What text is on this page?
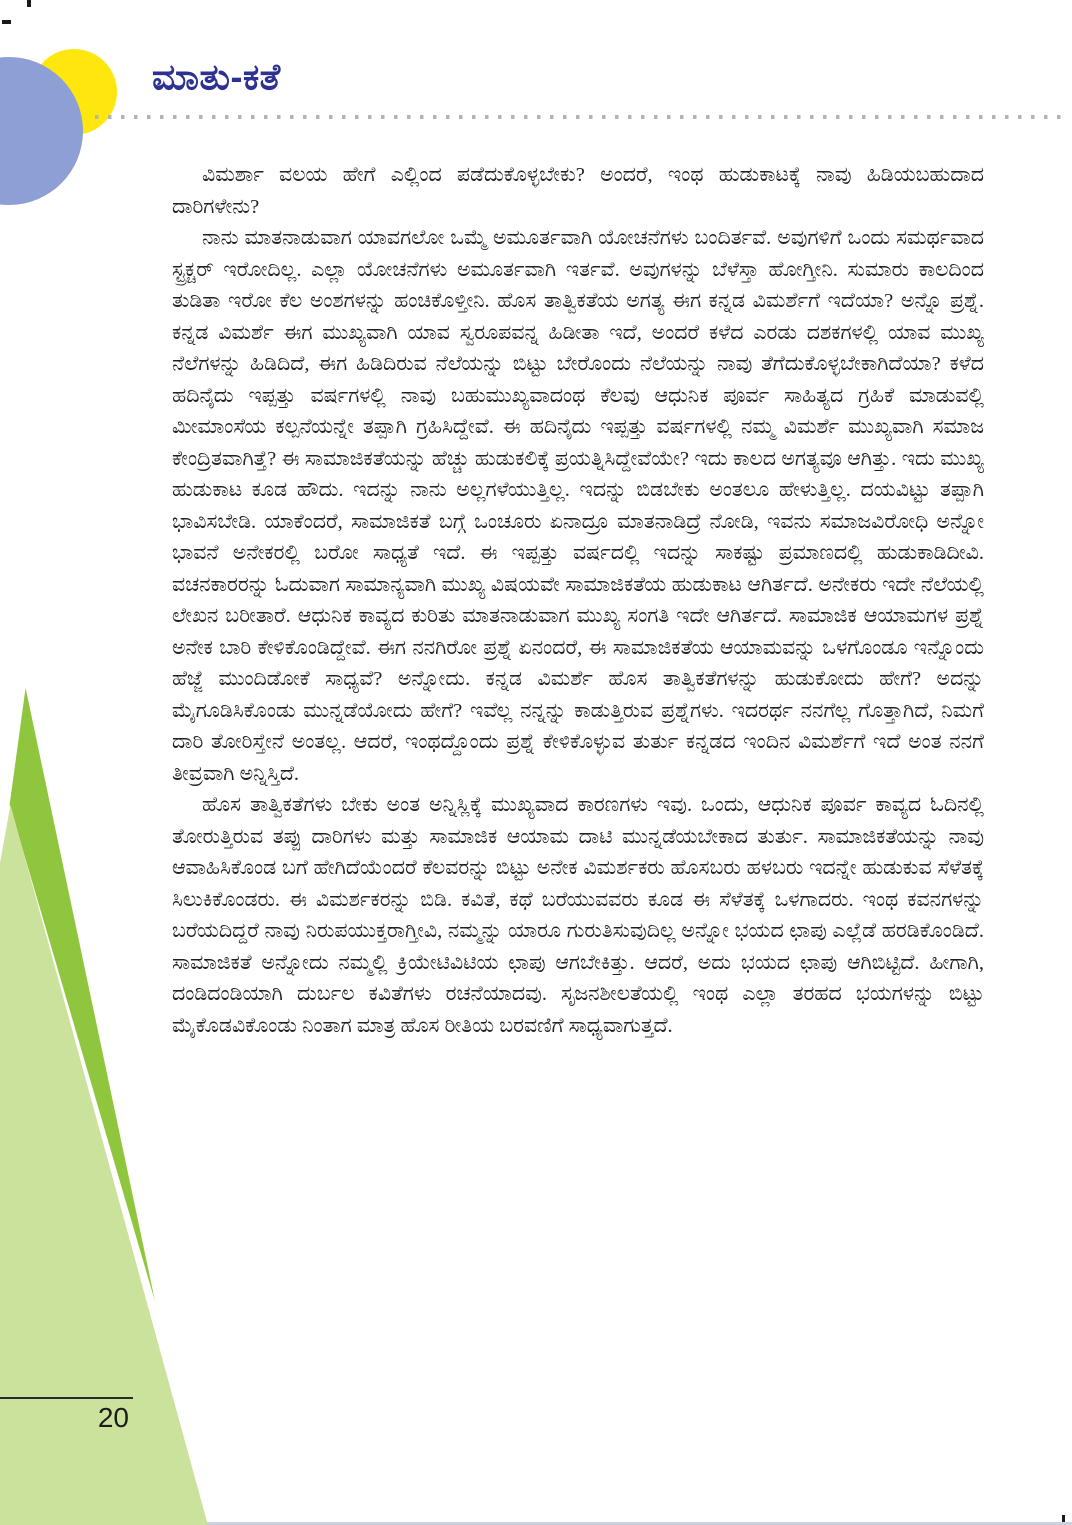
ಮಾತು-ಕತೆ

ವಿಮರ್ಶಾ ವಲಯ ಹೇಗೆ ಎಲ್ಲಿಂದ ಪಡೆದುಕೊಳ್ಳಬೇಕು? ಅಂದರೆ, ಇಂಥ ಹುಡುಕಾಟಕ್ಕೆ ನಾವು ಹಿಡಿಯಬಹುದಾದ ದಾರಿಗಳೇನು?

ನಾನು ಮಾತನಾಡುವಾಗ ಯಾವಗಲೋ ಒಮ್ಮೆ ಅಮೂರ್ತವಾಗಿ ಯೋಚನೆಗಳು ಬಂದಿರ್ತವೆ. ಅವುಗಳಿಗೆ ಒಂದು ಸಮರ್ಥವಾದ ಸ್ಟ್ರಕ್ಚರ್ ಇರೋದಿಲ್ಲ. ಎಲ್ಲಾ ಯೋಚನೆಗಳು ಅಮೂರ್ತವಾಗಿ ಇರ್ತವೆ. ಅವುಗಳನ್ನು ಬೆಳೆಸ್ತಾ ಹೋಗ್ತೀನಿ. ಸುಮಾರು ಕಾಲದಿಂದ ತುಡಿತಾ ಇರೋ ಕೆಲ ಅಂಶಗಳನ್ನು ಹಂಚಿಕೊಳ್ತೀನಿ. ಹೊಸ ತಾತ್ವಿಕತೆಯ ಅಗತ್ಯ ಈಗ ಕನ್ನಡ ವಿಮರ್ಶೆಗೆ ಇದೆಯಾ? ಅನ್ನೊ ಪ್ರಶ್ನೆ. ಕನ್ನಡ ವಿಮರ್ಶೆ ಈಗ ಮುಖ್ಯವಾಗಿ ಯಾವ ಸ್ವರೂಪವನ್ನ ಹಿಡೀತಾ ಇದೆ, ಅಂದರೆ ಕಳೆದ ಎರಡು ದಶಕಗಳಲ್ಲಿ ಯಾವ ಮುಖ್ಯ ನೆಲೆಗಳನ್ನು ಹಿಡಿದಿದೆ, ಈಗ ಹಿಡಿದಿರುವ ನೆಲೆಯನ್ನು ಬಿಟ್ಟು ಬೇರೊಂದು ನೆಲೆಯನ್ನು ನಾವು ತೆಗೆದುಕೊಳ್ಳಬೇಕಾಗಿದೆಯಾ? ಕಳೆದ ಹದಿನೈದು ಇಪ್ಪತ್ತು ವರ್ಷಗಳಲ್ಲಿ ನಾವು ಬಹುಮುಖ್ಯವಾದಂಥ ಕೆಲವು ಆಧುನಿಕ ಪೂರ್ವ ಸಾಹಿತ್ಯದ ಗ್ರಹಿಕೆ ಮಾಡುವಲ್ಲಿ ಮೀಮಾಂಸೆಯ ಕಲ್ಪನೆಯನ್ನೇ ತಪ್ಪಾಗಿ ಗ್ರಹಿಸಿದ್ದೇವೆ. ಈ ಹದಿನೈದು ಇಪ್ಪತ್ತು ವರ್ಷಗಳಲ್ಲಿ ನಮ್ಮ ವಿಮರ್ಶೆ ಮುಖ್ಯವಾಗಿ ಸಮಾಜ ಕೇಂದ್ರಿತವಾಗಿತ್ತೆ? ಈ ಸಾಮಾಜಿಕತೆಯನ್ನು ಹೆಚ್ಚು ಹುಡುಕಲಿಕ್ಕೆ ಪ್ರಯತ್ನಿಸಿದ್ದೇವೆಯೇ? ಇದು ಕಾಲದ ಅಗತ್ಯವೂ ಆಗಿತ್ತು. ಇದು ಮುಖ್ಯ ಹುಡುಕಾಟ ಕೂಡ ಹೌದು. ಇದನ್ನು ನಾನು ಅಲ್ಲಗಳೆಯುತ್ತಿಲ್ಲ. ಇದನ್ನು ಬಿಡಬೇಕು ಅಂತಲೂ ಹೇಳುತ್ತಿಲ್ಲ. ದಯವಿಟ್ಟು ತಪ್ಪಾಗಿ ಭಾವಿಸಬೇಡಿ. ಯಾಕೆಂದರೆ, ಸಾಮಾಜಿಕತೆ ಬಗ್ಗೆ ಒಂಚೂರು ಏನಾದ್ರೂ ಮಾತನಾಡಿದ್ರೆ ನೋಡಿ, ಇವನು ಸಮಾಜವಿರೋಧಿ ಅನ್ನೋ ಭಾವನೆ ಅನೇಕರಲ್ಲಿ ಬರೋ ಸಾಧ್ಯತೆ ಇದೆ. ಈ ಇಪ್ಪತ್ತು ವರ್ಷದಲ್ಲಿ ಇದನ್ನು ಸಾಕಷ್ಟು ಪ್ರಮಾಣದಲ್ಲಿ ಹುಡುಕಾಡಿದೀವಿ. ವಚನಕಾರರನ್ನು ಓದುವಾಗ ಸಾಮಾನ್ಯವಾಗಿ ಮುಖ್ಯ ವಿಷಯವೇ ಸಾಮಾಜಿಕತೆಯ ಹುಡುಕಾಟ ಆಗಿರ್ತದೆ. ಅನೇಕರು ಇದೇ ನೆಲೆಯಲ್ಲಿ ಲೇಖನ ಬರೀತಾರೆ. ಆಧುನಿಕ ಕಾವ್ಯದ ಕುರಿತು ಮಾತನಾಡುವಾಗ ಮುಖ್ಯ ಸಂಗತಿ ಇದೇ ಆಗಿರ್ತದೆ. ಸಾಮಾಜಿಕ ಆಯಾಮಗಳ ಪ್ರಶ್ನೆ ಅನೇಕ ಬಾರಿ ಕೇಳಿಕೊಂಡಿದ್ದೇವೆ. ಈಗ ನನಗಿರೋ ಪ್ರಶ್ನೆ ಏನಂದರೆ, ಈ ಸಾಮಾಜಿಕತೆಯ ಆಯಾಮವನ್ನು ಒಳಗೊಂಡೂ ಇನ್ನೊಂದು ಹೆಜ್ಜೆ ಮುಂದಿಡೋಕೆ ಸಾಧ್ಯವೆ? ಅನ್ನೋದು. ಕನ್ನಡ ವಿಮರ್ಶೆ ಹೊಸ ತಾತ್ವಿಕತೆಗಳನ್ನು ಹುಡುಕೋದು ಹೇಗೆ? ಅದನ್ನು ಮೈಗೂಡಿಸಿಕೊಂಡು ಮುನ್ನಡೆಯೋದು ಹೇಗೆ? ಇವೆಲ್ಲ ನನ್ನನ್ನು ಕಾಡುತ್ತಿರುವ ಪ್ರಶ್ನೆಗಳು. ಇದರರ್ಥ ನನಗೆಲ್ಲ ಗೊತ್ತಾಗಿದೆ, ನಿಮಗೆ ದಾರಿ ತೋರಿಸ್ತೇನೆ ಅಂತಲ್ಲ. ಆದರೆ, ಇಂಥದ್ದೊಂದು ಪ್ರಶ್ನೆ ಕೇಳಿಕೊಳ್ಳುವ ತುರ್ತು ಕನ್ನಡದ ಇಂದಿನ ವಿಮರ್ಶೆಗೆ ಇದೆ ಅಂತ ನನಗೆ ತೀವ್ರವಾಗಿ ಅನ್ನಿಸ್ತಿದೆ.

ಹೊಸ ತಾತ್ವಿಕತೆಗಳು ಬೇಕು ಅಂತ ಅನ್ನಿಸ್ಲಿಕ್ಕೆ ಮುಖ್ಯವಾದ ಕಾರಣಗಳು ಇವು. ಒಂದು, ಆಧುನಿಕ ಪೂರ್ವ ಕಾವ್ಯದ ಓದಿನಲ್ಲಿ ತೋರುತ್ತಿರುವ ತಪ್ಪು ದಾರಿಗಳು ಮತ್ತು ಸಾಮಾಜಿಕ ಆಯಾಮ ದಾಟಿ ಮುನ್ನಡೆಯಬೇಕಾದ ತುರ್ತು. ಸಾಮಾಜಿಕತೆಯನ್ನು ನಾವು ಆವಾಹಿಸಿಕೊಂಡ ಬಗೆ ಹೇಗಿದೆಯೆಂದರೆ ಕೆಲವರನ್ನು ಬಿಟ್ಟು ಅನೇಕ ವಿಮರ್ಶಕರು ಹೊಸಬರು ಹಳಬರು ಇದನ್ನೇ ಹುಡುಕುವ ಸೆಳೆತಕ್ಕೆ ಸಿಲುಕಿಕೊಂಡರು. ಈ ವಿಮರ್ಶಕರನ್ನು ಬಿಡಿ. ಕವಿತೆ, ಕಥೆ ಬರೆಯುವವರು ಕೂಡ ಈ ಸೆಳೆತಕ್ಕೆ ಒಳಗಾದರು. ಇಂಥ ಕವನಗಳನ್ನು ಬರೆಯದಿದ್ದರೆ ನಾವು ನಿರುಪಯುಕ್ತರಾಗ್ತೀವಿ, ನಮ್ಮನ್ನು ಯಾರೂ ಗುರುತಿಸುವುದಿಲ್ಲ ಅನ್ನೋ ಭಯದ ಛಾಪು ಎಲ್ಲೆಡೆ ಹರಡಿಕೊಂಡಿದೆ. ಸಾಮಾಜಿಕತೆ ಅನ್ನೋದು ನಮ್ಮಲ್ಲಿ ಕ್ರಿಯೇಟಿವಿಟಿಯ ಛಾಪು ಆಗಬೇಕಿತ್ತು. ಆದರೆ, ಅದು ಭಯದ ಛಾಪು ಆಗಿಬಿಟ್ಟಿದೆ. ಹೀಗಾಗಿ, ದಂಡಿದಂಡಿಯಾಗಿ ದುರ್ಬಲ ಕವಿತೆಗಳು ರಚನೆಯಾದವು. ಸೃಜನಶೀಲತೆಯಲ್ಲಿ ಇಂಥ ಎಲ್ಲಾ ತರಹದ ಭಯಗಳನ್ನು ಬಿಟ್ಟು ಮೈಕೊಡವಿಕೊಂಡು ನಿಂತಾಗ ಮಾತ್ರ ಹೊಸ ರೀತಿಯ ಬರವಣಿಗೆ ಸಾಧ್ಯವಾಗುತ್ತದೆ.

20
